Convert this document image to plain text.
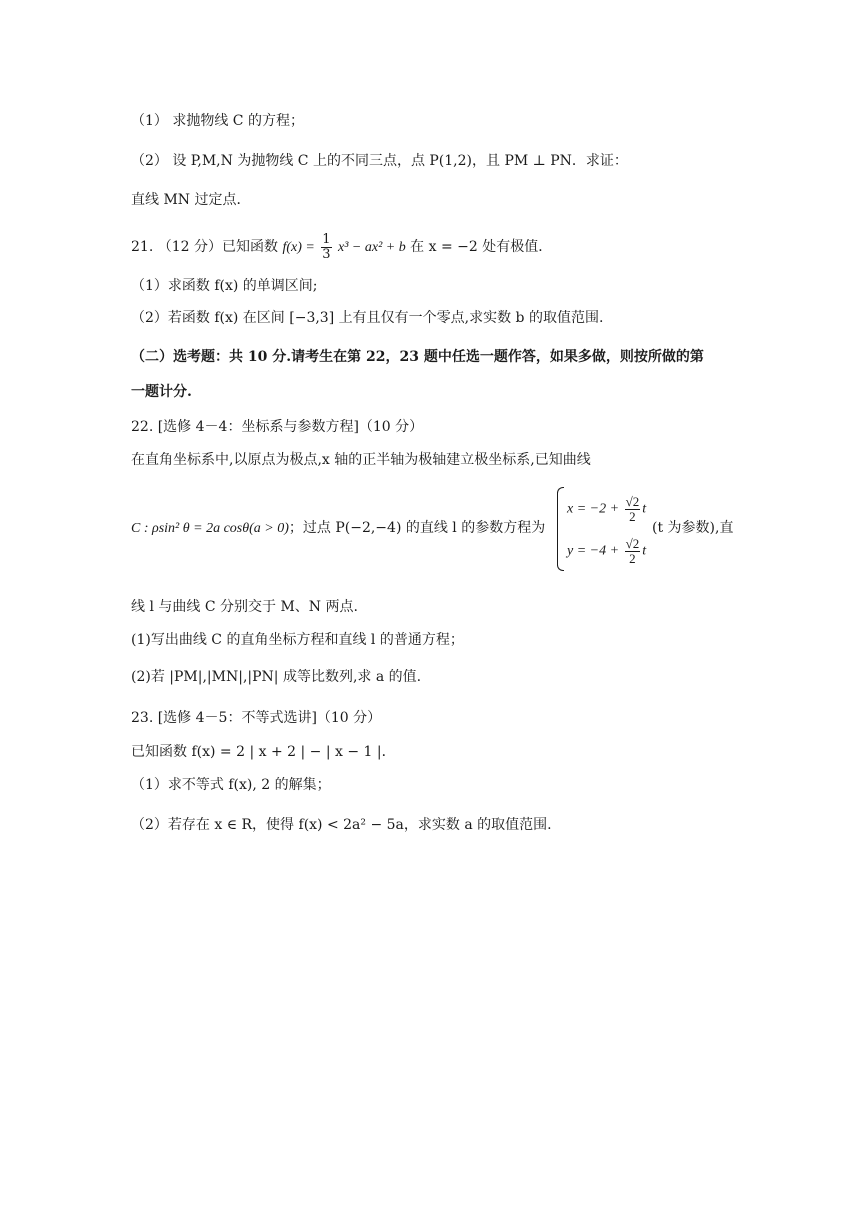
（1） 求抛物线 C 的方程；
（2） 设 P,M,N 为抛物线 C 上的不同三点，点 P(1,2)，且 PM ⊥ PN．求证：
直线 MN 过定点．
21. （12 分）已知函数 $f(x) = \frac{1}{3} x^3 - ax^2 + b$ 在 x = −2 处有极值．
（1）求函数 f(x) 的单调区间;
（2）若函数 f(x) 在区间 [−3,3] 上有且仅有一个零点,求实数 b 的取值范围.
（二）选考题：共 10 分.请考生在第 22，23 题中任选一题作答，如果多做，则按所做的第
一题计分.
22. [选修 4－4：坐标系与参数方程]（10 分）
在直角坐标系中,以原点为极点,x 轴的正半轴为极轴建立极坐标系,已知曲线
C : ρsin² θ = 2a cosθ(a > 0)；过点 P(−2,−4) 的直线 l 的参数方程为
$x = -2 + \frac{√2}{2}$ t
$y = -4 + \frac{√2}{2}$ t
(t 为参数),直
线 l 与曲线 C 分别交于 M、N 两点.
(1)写出曲线 C 的直角坐标方程和直线 l 的普通方程；
(2)若 |PM|,|MN|,|PN| 成等比数列,求 a 的值.
23. [选修 4－5：不等式选讲]（10 分）
已知函数 f(x) = 2 | x + 2 | − | x − 1 |．
（1）求不等式 f(x), 2 的解集；
（2）若存在 x ∈ R，使得 f(x) < 2a² − 5a，求实数 a 的取值范围.
